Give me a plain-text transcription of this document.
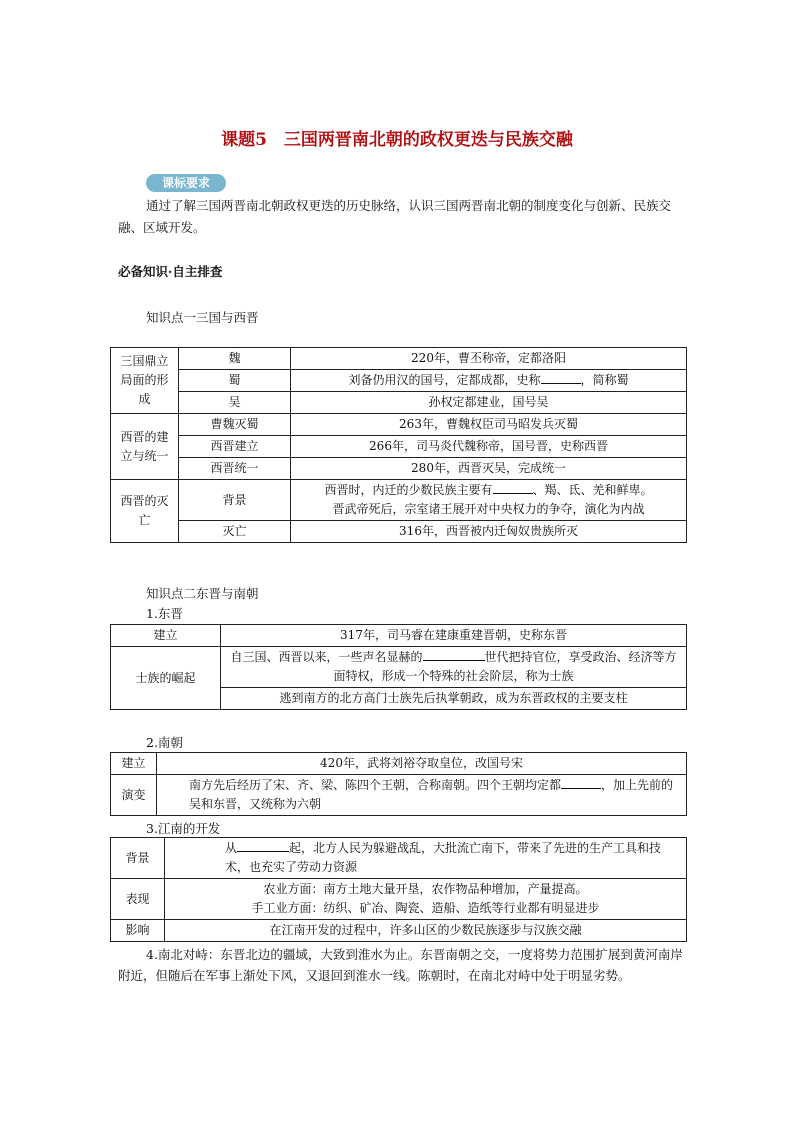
课题5　三国两晋南北朝的政权更迭与民族交融
课标要求
通过了解三国两晋南北朝政权更迭的历史脉络，认识三国两晋南北朝的制度变化与创新、民族交融、区域开发。
必备知识·自主排查
知识点一三国与西晋
三国鼎立局面的形成	魏	220年，曹丕称帝，定都洛阳
	蜀	刘备仍用汉的国号，定都成都，史称 ，简称蜀
	吴	孙权定都建业，国号吴
西晋的建立与统一	曹魏灭蜀	263年，曹魏权臣司马昭发兵灭蜀
	西晋建立	266年，司马炎代魏称帝，国号晋，史称西晋
	西晋统一	280年，西晋灭吴，完成统一
西晋的灭亡	背景	西晋时，内迁的少数民族主要有 、羯、氐、羌和鲜卑。
晋武帝死后，宗室诸王展开对中央权力的争夺，演化为内战

	灭亡	316年，西晋被内迁匈奴贵族所灭
知识点二东晋与南朝
1.东晋
建立	317年，司马睿在建康重建晋朝，史称东晋
士族的崛起	自三国、西晋以来，一些声名显赫的 世代把持官位，享受政治、经济等方面特权，形成一个特殊的社会阶层，称为士族
	逃到南方的北方高门士族先后执掌朝政，成为东晋政权的主要支柱
2.南朝
建立	420年，武将刘裕夺取皇位，改国号宋
演变	南方先后经历了宋、齐、梁、陈四个王朝，合称南朝。四个王朝均定都 ，加上先前的吴和东晋，又统称为六朝
3.江南的开发
背景	从 起，北方人民为躲避战乱，大批流亡南下，带来了先进的生产工具和技术，也充实了劳动力资源
表现	农业方面：南方土地大量开垦，农作物品种增加，产量提高。
手工业方面：纺织、矿冶、陶瓷、造船、造纸等行业都有明显进步

影响	在江南开发的过程中，许多山区的少数民族逐步与汉族交融
4.南北对峙：东晋北边的疆域，大致到淮水为止。东晋南朝之交，一度将势力范围扩展到黄河南岸附近，但随后在军事上渐处下风，又退回到淮水一线。陈朝时，在南北对峙中处于明显劣势。
